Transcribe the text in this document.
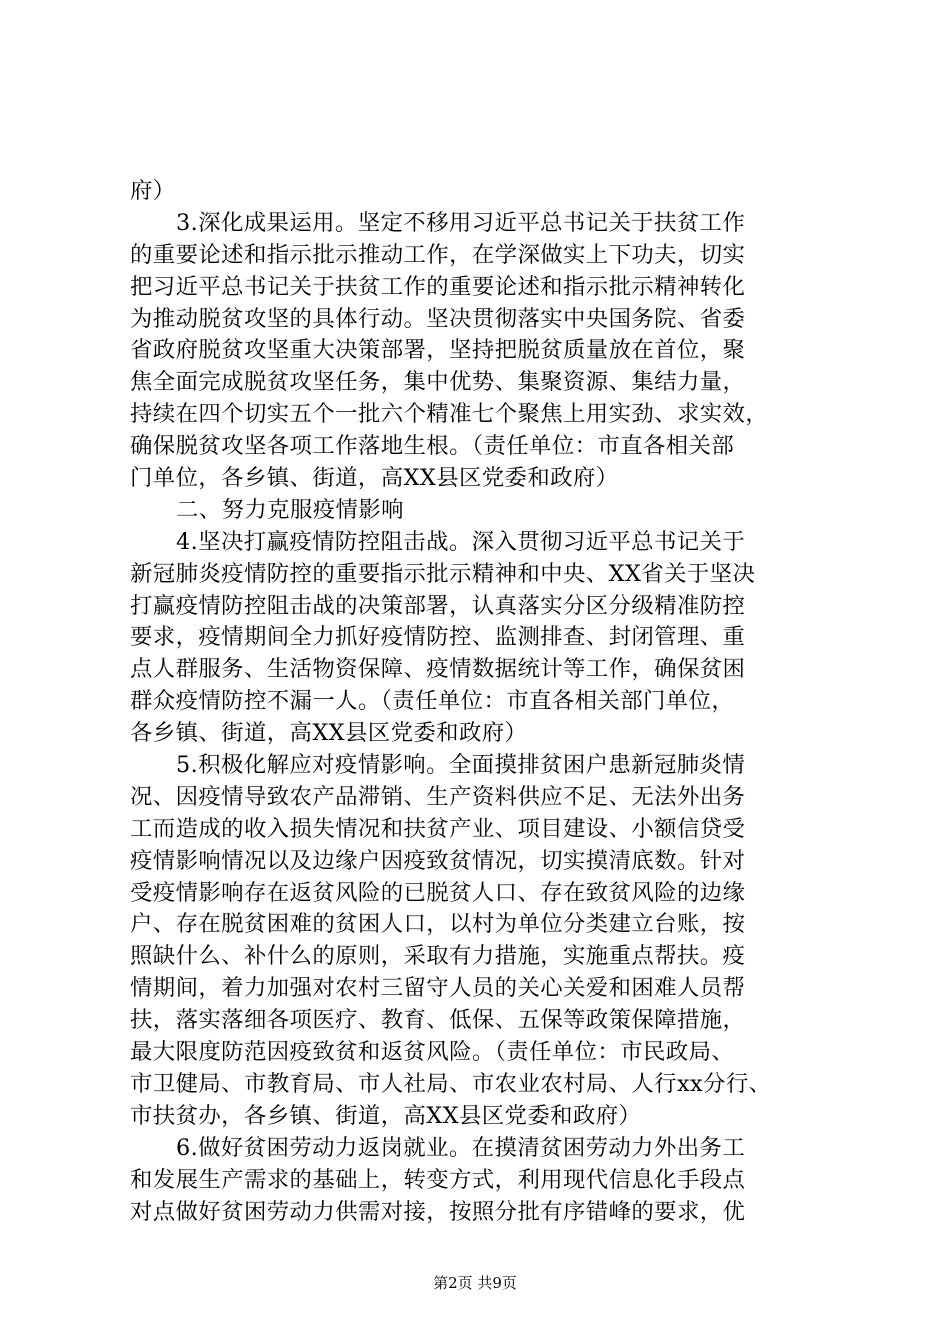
府）
3.深化成果运用。坚定不移用习近平总书记关于扶贫工作
的重要论述和指示批示推动工作，在学深做实上下功夫，切实
把习近平总书记关于扶贫工作的重要论述和指示批示精神转化
为推动脱贫攻坚的具体行动。坚决贯彻落实中央国务院、省委
省政府脱贫攻坚重大决策部署，坚持把脱贫质量放在首位，聚
焦全面完成脱贫攻坚任务，集中优势、集聚资源、集结力量，
持续在四个切实五个一批六个精准七个聚焦上用实劲、求实效，
确保脱贫攻坚各项工作落地生根。（责任单位：市直各相关部
门单位，各乡镇、街道，高XX县区党委和政府）
二、努力克服疫情影响
4.坚决打赢疫情防控阻击战。深入贯彻习近平总书记关于
新冠肺炎疫情防控的重要指示批示精神和中央、XX省关于坚决
打赢疫情防控阻击战的决策部署，认真落实分区分级精准防控
要求，疫情期间全力抓好疫情防控、监测排查、封闭管理、重
点人群服务、生活物资保障、疫情数据统计等工作，确保贫困
群众疫情防控不漏一人。（责任单位：市直各相关部门单位，
各乡镇、街道，高XX县区党委和政府）
5.积极化解应对疫情影响。全面摸排贫困户患新冠肺炎情
况、因疫情导致农产品滞销、生产资料供应不足、无法外出务
工而造成的收入损失情况和扶贫产业、项目建设、小额信贷受
疫情影响情况以及边缘户因疫致贫情况，切实摸清底数。针对
受疫情影响存在返贫风险的已脱贫人口、存在致贫风险的边缘
户、存在脱贫困难的贫困人口，以村为单位分类建立台账，按
照缺什么、补什么的原则，采取有力措施，实施重点帮扶。疫
情期间，着力加强对农村三留守人员的关心关爱和困难人员帮
扶，落实落细各项医疗、教育、低保、五保等政策保障措施，
最大限度防范因疫致贫和返贫风险。（责任单位：市民政局、
市卫健局、市教育局、市人社局、市农业农村局、人行xx分行、
市扶贫办，各乡镇、街道，高XX县区党委和政府）
6.做好贫困劳动力返岗就业。在摸清贫困劳动力外出务工
和发展生产需求的基础上，转变方式，利用现代信息化手段点
对点做好贫困劳动力供需对接，按照分批有序错峰的要求，优
第2页 共9页
